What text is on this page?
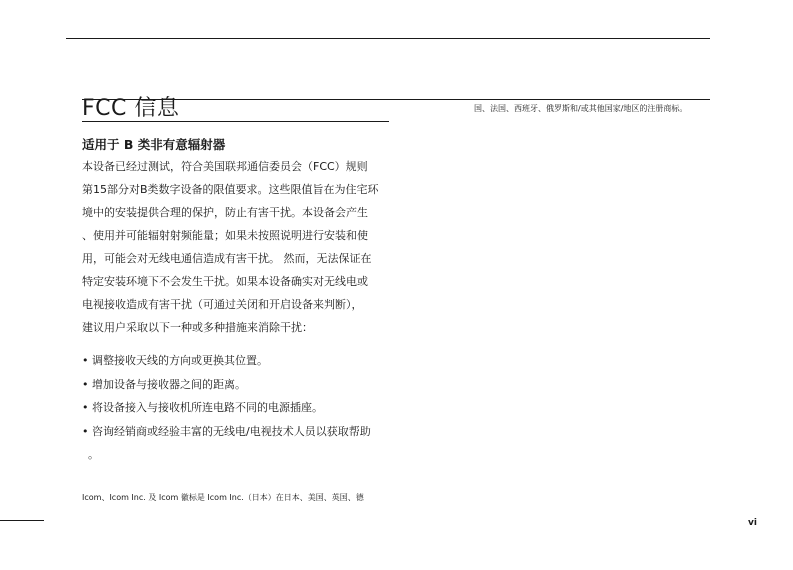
FCC 信息	国、法国、西班牙、俄罗斯和/或其他国家/地区的注册商标。
适用于 B 类非有意辐射器
本设备已经过测试，符合美国联邦通信委员会（FCC）规则
第15部分对B类数字设备的限值要求。这些限值旨在为住宅环
境中的安装提供合理的保护，防止有害干扰。本设备会产生
、使用并可能辐射射频能量；如果未按照说明进行安装和使
用，可能会对无线电通信造成有害干扰。 然而，无法保证在
特定安装环境下不会发生干扰。如果本设备确实对无线电或
电视接收造成有害干扰（可通过关闭和开启设备来判断），
建议用户采取以下一种或多种措施来消除干扰：
• 调整接收天线的方向或更换其位置。
• 增加设备与接收器之间的距离。
• 将设备接入与接收机所连电路不同的电源插座。
• 咨询经销商或经验丰富的无线电/电视技术人员以获取帮助
。
Icom、Icom Inc. 及 Icom 徽标是 Icom Inc.（日本）在日本、美国、英国、德
vi
